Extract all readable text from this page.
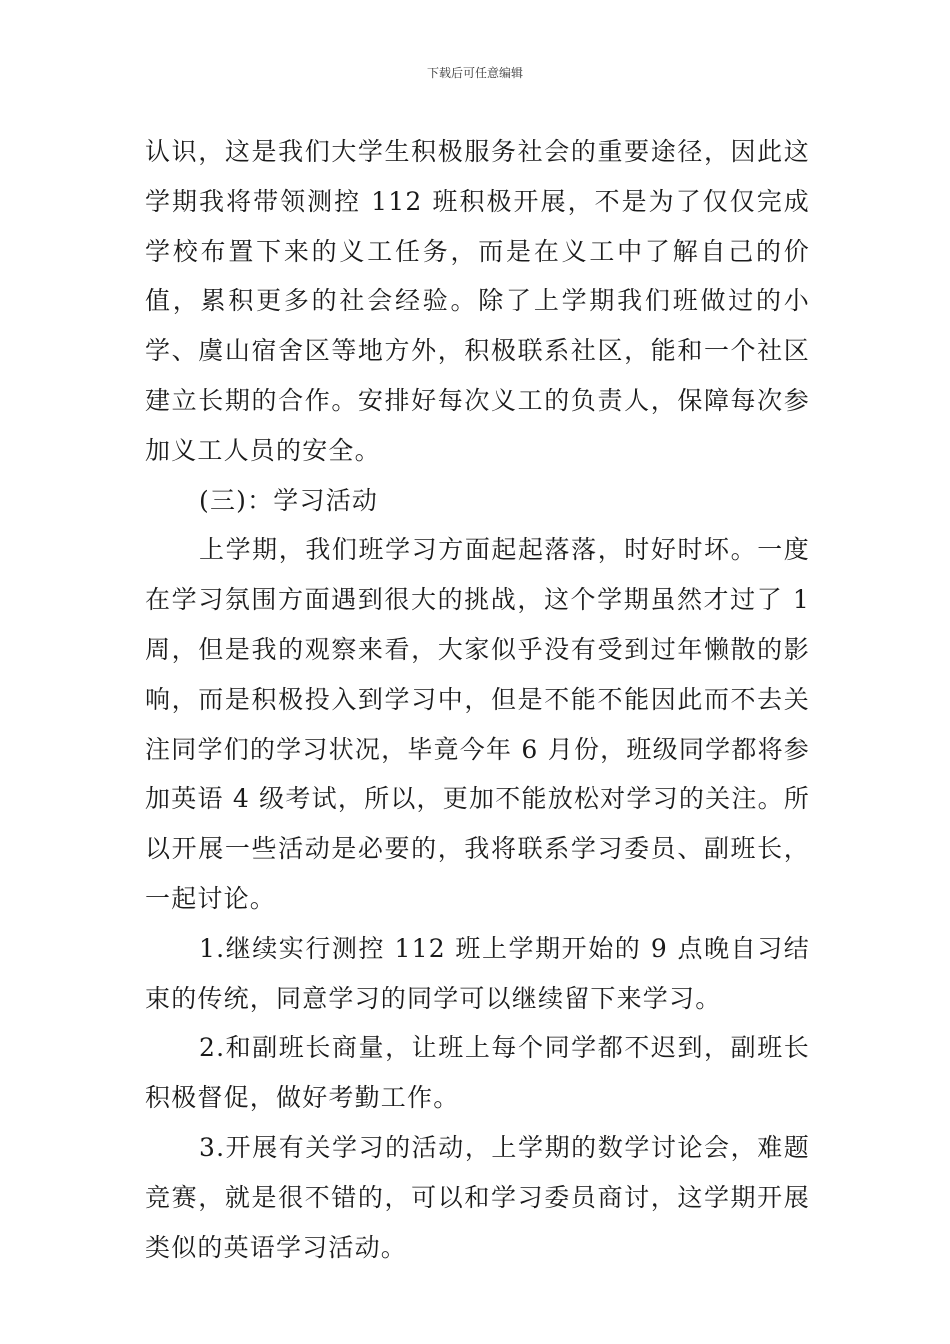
下载后可任意编辑

认识，这是我们大学生积极服务社会的重要途径，因此这学期我将带领测控 112 班积极开展，不是为了仅仅完成学校布置下来的义工任务，而是在义工中了解自己的价值，累积更多的社会经验。除了上学期我们班做过的小学、虞山宿舍区等地方外，积极联系社区，能和一个社区建立长期的合作。安排好每次义工的负责人，保障每次参加义工人员的安全。

(三)：学习活动

上学期，我们班学习方面起起落落，时好时坏。一度在学习氛围方面遇到很大的挑战，这个学期虽然才过了 1 周，但是我的观察来看，大家似乎没有受到过年懒散的影响，而是积极投入到学习中，但是不能不能因此而不去关注同学们的学习状况，毕竟今年 6 月份，班级同学都将参加英语 4 级考试，所以，更加不能放松对学习的关注。所以开展一些活动是必要的，我将联系学习委员、副班长，一起讨论。

1.继续实行测控 112 班上学期开始的 9 点晚自习结束的传统，同意学习的同学可以继续留下来学习。

2.和副班长商量，让班上每个同学都不迟到，副班长积极督促，做好考勤工作。

3.开展有关学习的活动，上学期的数学讨论会，难题竞赛，就是很不错的，可以和学习委员商讨，这学期开展类似的英语学习活动。
